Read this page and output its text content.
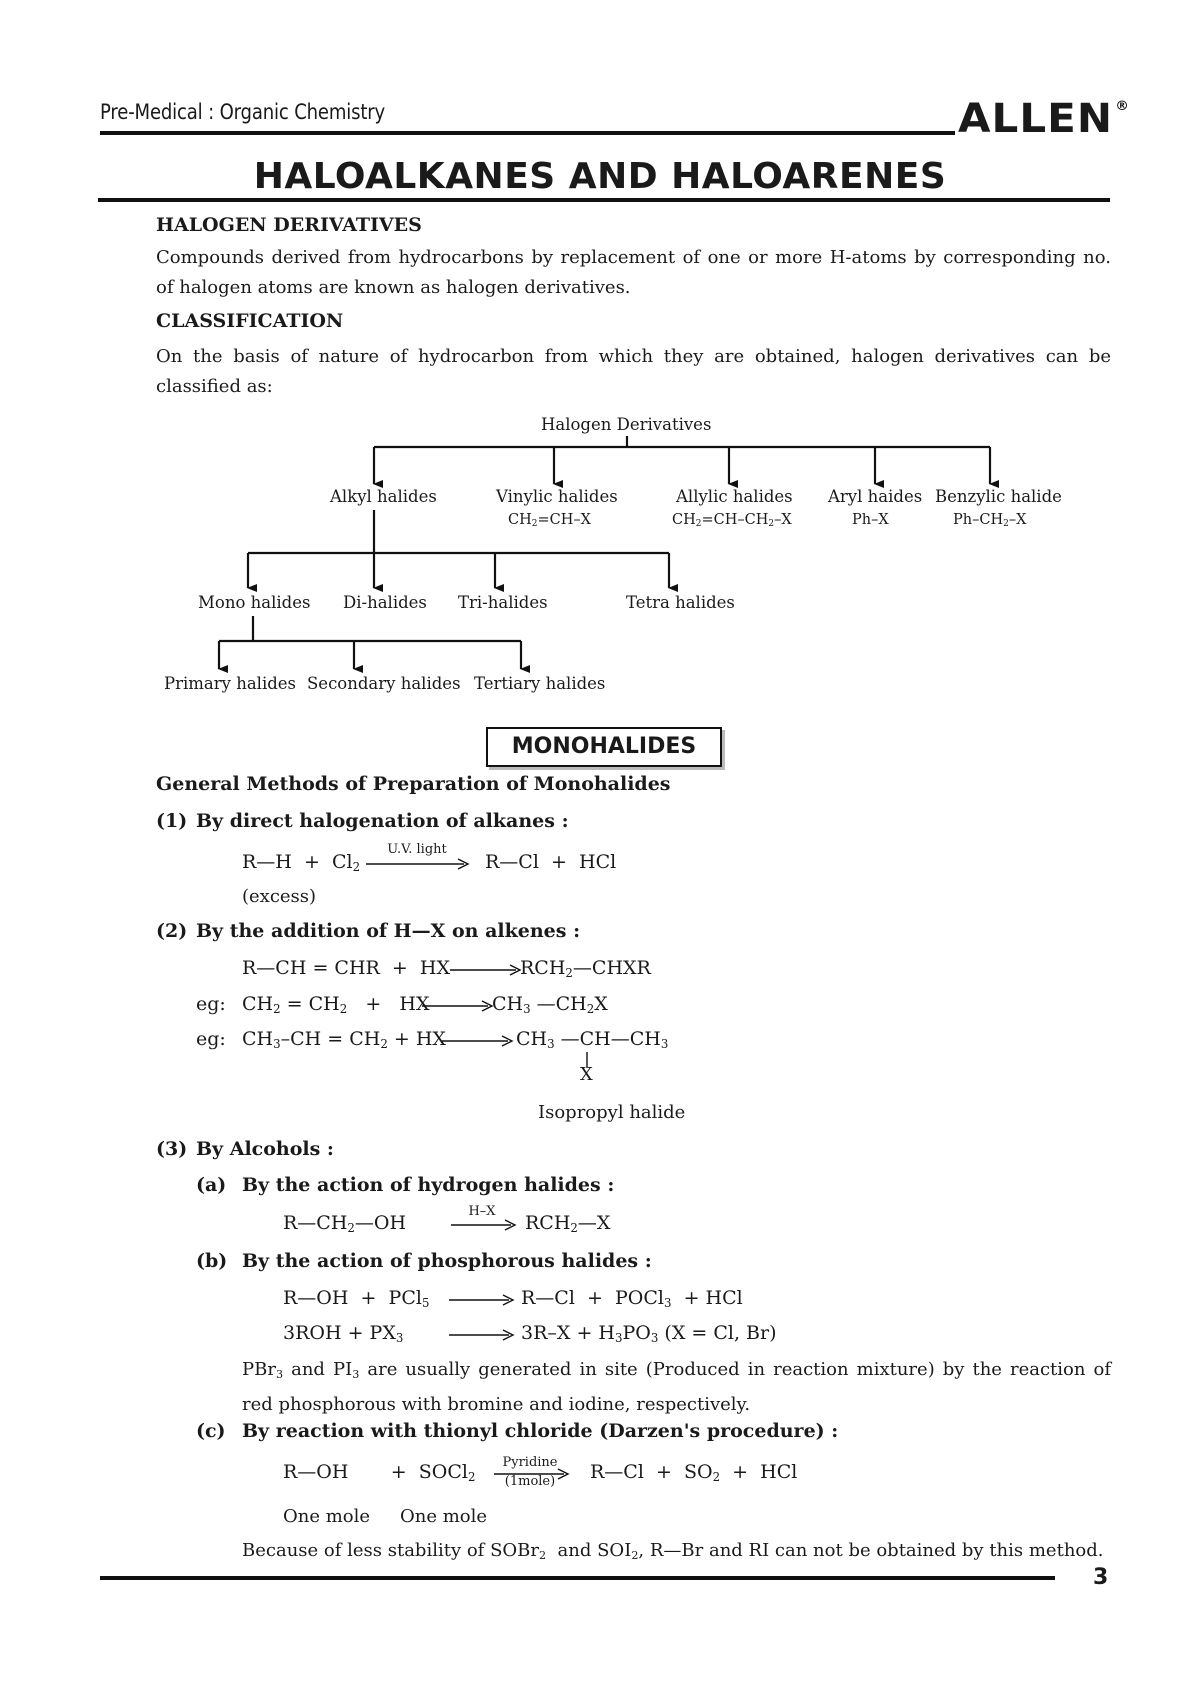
Pre-Medical : Organic Chemistry	ALLEN ®
HALOALKANES AND HALOARENES
HALOGEN DERIVATIVES
Compounds derived from hydrocarbons by replacement of one or more H-atoms by corresponding no. of halogen atoms are known as halogen derivatives.
CLASSIFICATION
On the basis of nature of hydrocarbon from which they are obtained, halogen derivatives can be classified as:
Halogen Derivatives
Alkyl halides	Vinylic halides
$CH_2=CH-X$
Allylic halides
$CH_2=CH-CH_2-X$
Aryl haides
Ph–X
Benzylic halide
$Ph-CH_2-X$
Mono halides Di-halides Tri-halides	Tetra halides
Primary halides Secondary halides Tertiary halides
MONOHALIDES
General Methods of Preparation of Monohalides
(1) By direct halogenation of alkanes :
R—H  +  $Cl_2$
U.V. light
R—Cl  +  HCl
(excess)
(2) By the addition of H—X on alkenes :
R—CH = CHR  +  HX	$RCH_2—CHXR$
eg: $CH_2 = CH_2$   +   HX	$CH_3$ $—CH_2X$
eg: $CH_3-CH = CH_2$ + HX	$CH_3$ $—CH—CH_3$
X
Isopropyl halide
(3) By Alcohols :
(a) By the action of hydrogen halides :
$R—CH_2—OH$
H–X
$RCH_2—X$
(b) By the action of phosphorous halides :
R—OH  +  PCl$_5$	R—Cl  +  POCl$_3$  + HCl
$3ROH + PX_3$	$3R-X + H_3PO_3$ (X = Cl, Br)
PBr$_3$ and $PI_3$ are usually generated in site (Produced in reaction mixture) by the reaction of red phosphorous with bromine and iodine, respectively.
(c) By reaction with thionyl chloride (Darzen's procedure) :
R—OH       +  SOCl$_2$
Pyridine
(1mole)	R—Cl  +  $SO_2$  +  HCl
One mole One mole
Because of less stability of SOBr$_2$  and $SOI_2$, R—Br and RI can not be obtained by this method.
3
